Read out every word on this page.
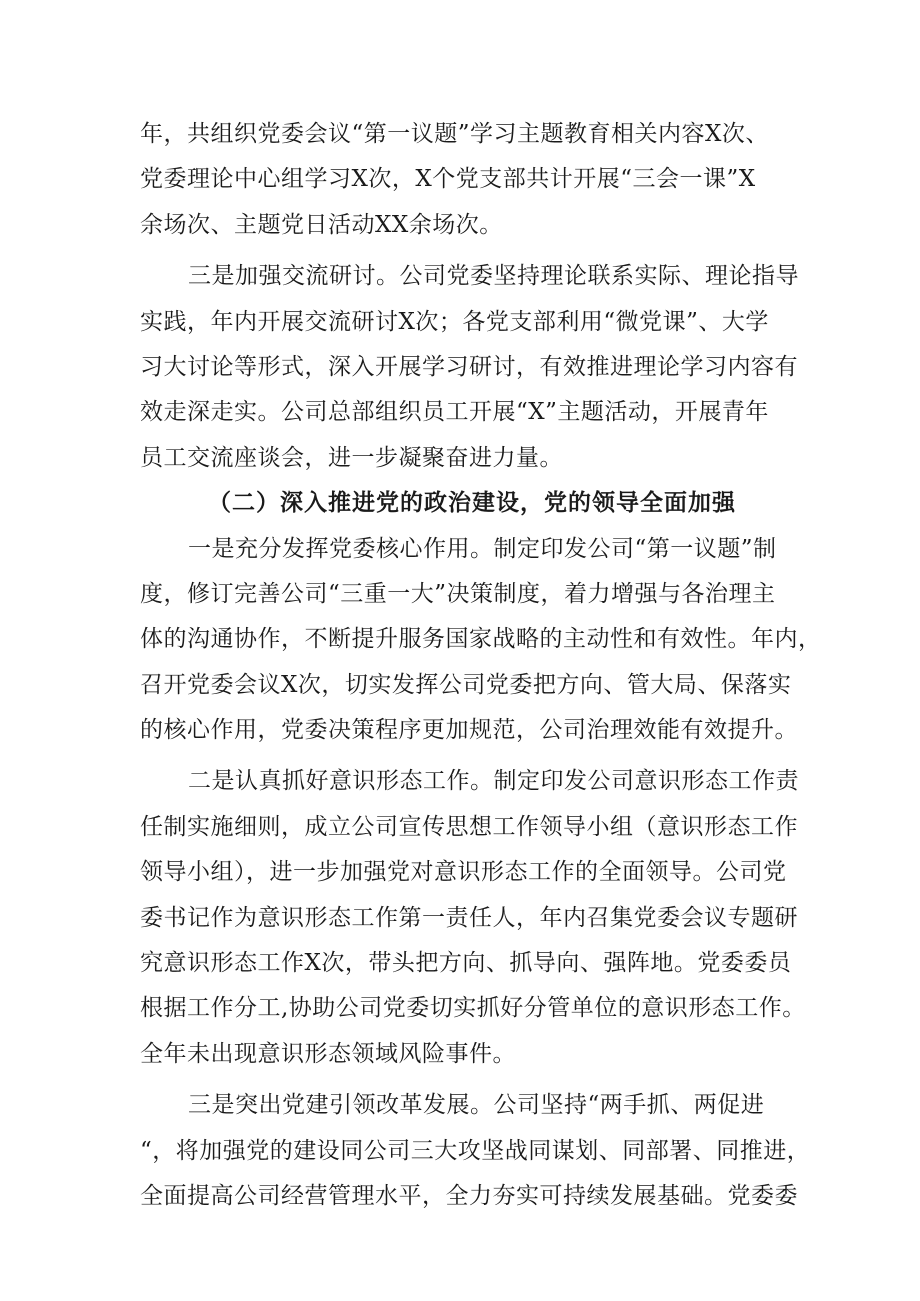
年，共组织党委会议“第一议题”学习主题教育相关内容X次、
党委理论中心组学习X次，X个党支部共计开展“三会一课”X
余场次、主题党日活动XX余场次。
三是加强交流研讨。公司党委坚持理论联系实际、理论指导
实践，年内开展交流研讨X次；各党支部利用“微党课”、大学
习大讨论等形式，深入开展学习研讨，有效推进理论学习内容有
效走深走实。公司总部组织员工开展“X”主题活动，开展青年
员工交流座谈会，进一步凝聚奋进力量。
（二）深入推进党的政治建设，党的领导全面加强
一是充分发挥党委核心作用。制定印发公司“第一议题”制
度，修订完善公司“三重一大”决策制度，着力增强与各治理主
体的沟通协作，不断提升服务国家战略的主动性和有效性。年内，
召开党委会议X次，切实发挥公司党委把方向、管大局、保落实
的核心作用，党委决策程序更加规范，公司治理效能有效提升。
二是认真抓好意识形态工作。制定印发公司意识形态工作责
任制实施细则，成立公司宣传思想工作领导小组（意识形态工作
领导小组），进一步加强党对意识形态工作的全面领导。公司党
委书记作为意识形态工作第一责任人，年内召集党委会议专题研
究意识形态工作X次，带头把方向、抓导向、强阵地。党委委员
根据工作分工,协助公司党委切实抓好分管单位的意识形态工作。
全年未出现意识形态领域风险事件。
三是突出党建引领改革发展。公司坚持“两手抓、两促进
“，将加强党的建设同公司三大攻坚战同谋划、同部署、同推进，
全面提高公司经营管理水平，全力夯实可持续发展基础。党委委
